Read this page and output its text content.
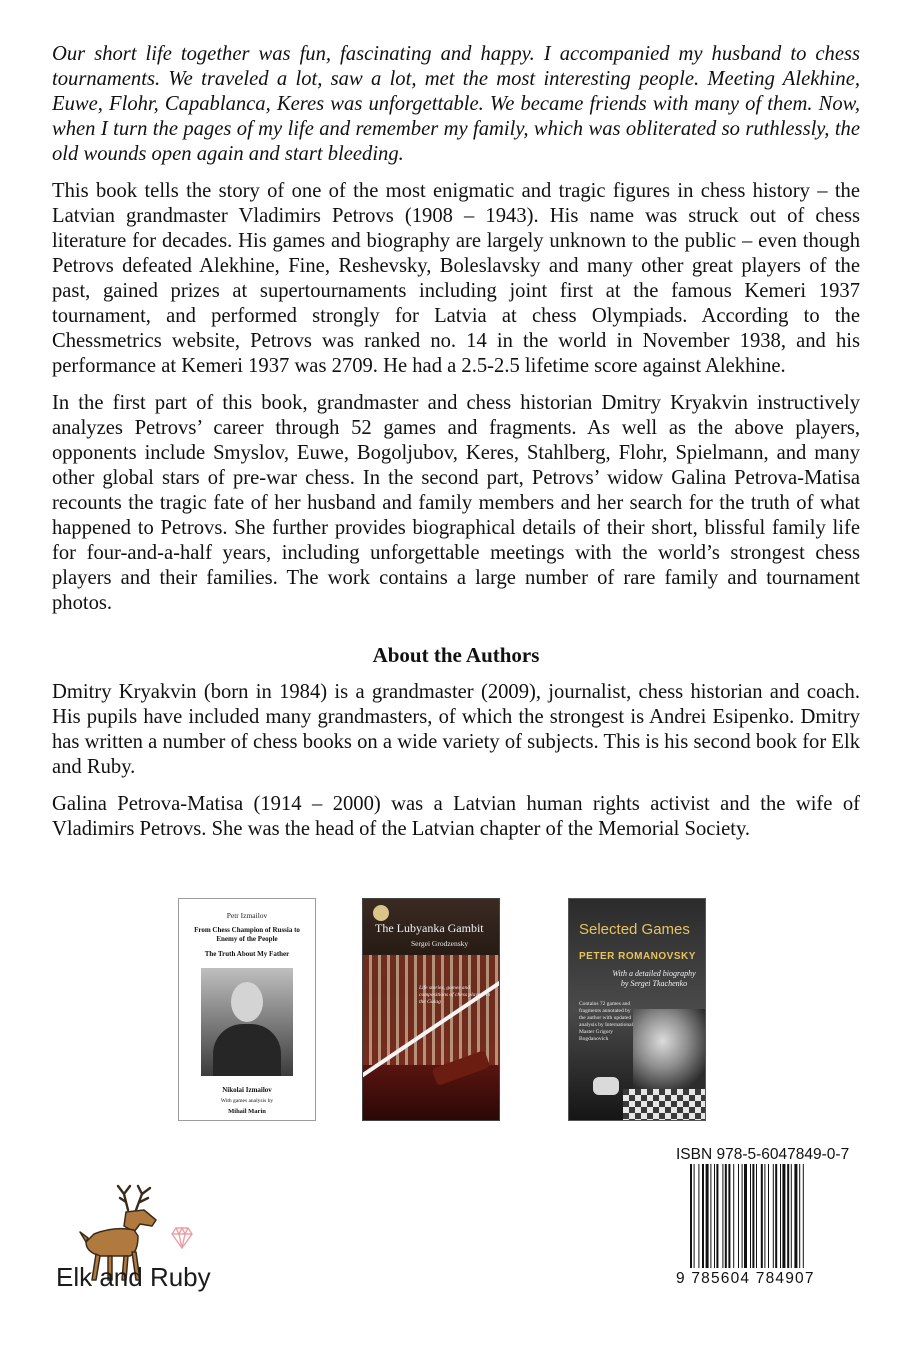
Our short life together was fun, fascinating and happy. I accompanied my husband to chess tournaments. We traveled a lot, saw a lot, met the most interesting people. Meeting Alekhine, Euwe, Flohr, Capablanca, Keres was unforgettable. We became friends with many of them. Now, when I turn the pages of my life and remember my family, which was obliterated so ruthlessly, the old wounds open again and start bleeding.

This book tells the story of one of the most enigmatic and tragic figures in chess history – the Latvian grandmaster Vladimirs Petrovs (1908 – 1943). His name was struck out of chess literature for decades. His games and biography are largely unknown to the public – even though Petrovs defeated Alekhine, Fine, Reshevsky, Boleslavsky and many other great players of the past, gained prizes at supertournaments including joint first at the famous Kemeri 1937 tournament, and performed strongly for Latvia at chess Olympiads. According to the Chessmetrics website, Petrovs was ranked no. 14 in the world in November 1938, and his performance at Kemeri 1937 was 2709. He had a 2.5-2.5 lifetime score against Alekhine.

In the first part of this book, grandmaster and chess historian Dmitry Kryakvin instructively analyzes Petrovs’ career through 52 games and fragments. As well as the above players, opponents include Smyslov, Euwe, Bogoljubov, Keres, Stahlberg, Flohr, Spielmann, and many other global stars of pre-war chess. In the second part, Petrovs’ widow Galina Petrova-Matisa recounts the tragic fate of her husband and family members and her search for the truth of what happened to Petrovs. She further provides biographical details of their short, blissful family life for four-and-a-half years, including unforgettable meetings with the world’s strongest chess players and their families. The work contains a large number of rare family and tournament photos.

About the Authors

Dmitry Kryakvin (born in 1984) is a grandmaster (2009), journalist, chess historian and coach. His pupils have included many grandmasters, of which the strongest is Andrei Esipenko. Dmitry has written a number of chess books on a wide variety of subjects. This is his second book for Elk and Ruby.

Galina Petrova-Matisa (1914 – 2000) was a Latvian human rights activist and the wife of Vladimirs Petrovs. She was the head of the Latvian chapter of the Memorial Society.

Petr Izmailov
From Chess Champion of Russia to Enemy of the People
The Truth About My Father
Nikolai Izmailov
With games analysis by
Mihail Marin
The Lubyanka Gambit
Sergei Grodzensky
Life stories, games and compositions of chess players in the Gulag
Selected Games
PETER ROMANOVSKY
With a detailed biography by Sergei Tkachenko
Contains 72 games and fragments annotated by the author with updated analysis by International Master Grigory Bogdanovich
ISBN 978-5-6047849-0-7
9 785604 784907
Elk and Ruby
